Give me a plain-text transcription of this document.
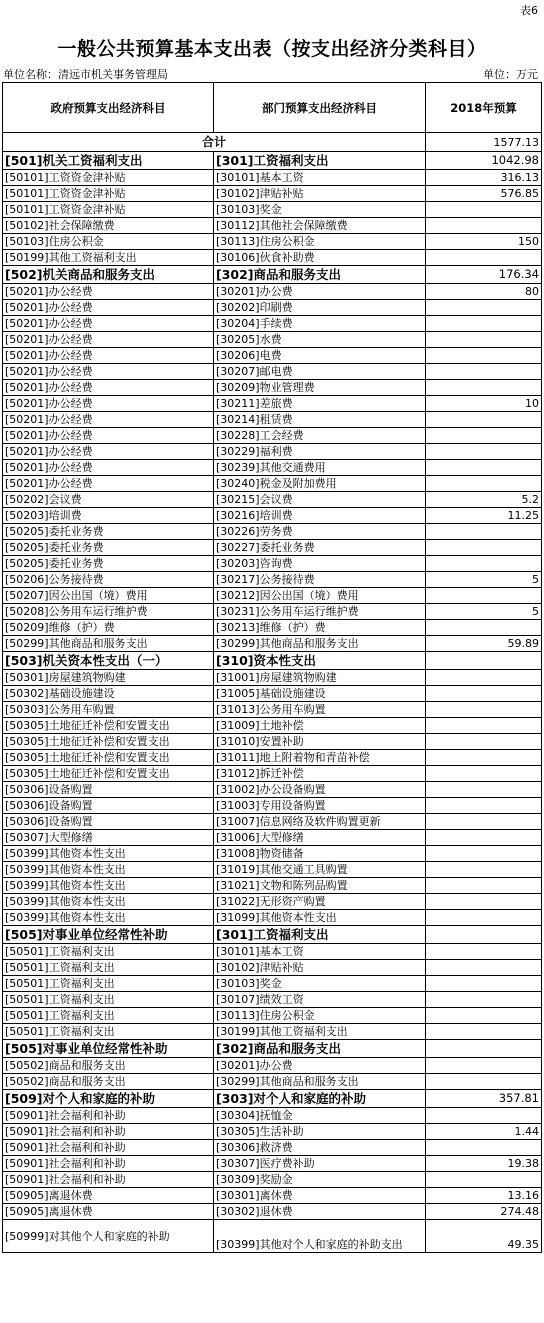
表6
一般公共预算基本支出表（按支出经济分类科目）
单位名称：清远市机关事务管理局	单位：万元
政府预算支出经济科目	部门预算支出经济科目	2018年预算
合计		1577.13
[501]机关工资福利支出	[301]工资福利支出	1042.98
[50101]工资资金津补贴	[30101]基本工资	316.13
[50101]工资资金津补贴	[30102]津贴补贴	576.85
[50101]工资资金津补贴	[30103]奖金	
[50102]社会保障缴费	[30112]其他社会保障缴费	
[50103]住房公积金	[30113]住房公积金	150
[50199]其他工资福利支出	[30106]伙食补助费	
[502]机关商品和服务支出	[302]商品和服务支出	176.34
[50201]办公经费	[30201]办公费	80
[50201]办公经费	[30202]印刷费	
[50201]办公经费	[30204]手续费	
[50201]办公经费	[30205]水费	
[50201]办公经费	[30206]电费	
[50201]办公经费	[30207]邮电费	
[50201]办公经费	[30209]物业管理费	
[50201]办公经费	[30211]差旅费	10
[50201]办公经费	[30214]租赁费	
[50201]办公经费	[30228]工会经费	
[50201]办公经费	[30229]福利费	
[50201]办公经费	[30239]其他交通费用	
[50201]办公经费	[30240]税金及附加费用	
[50202]会议费	[30215]会议费	5.2
[50203]培训费	[30216]培训费	11.25
[50205]委托业务费	[30226]劳务费	
[50205]委托业务费	[30227]委托业务费	
[50205]委托业务费	[30203]咨询费	
[50206]公务接待费	[30217]公务接待费	5
[50207]因公出国（境）费用	[30212]因公出国（境）费用	
[50208]公务用车运行维护费	[30231]公务用车运行维护费	5
[50209]维修（护）费	[30213]维修（护）费	
[50299]其他商品和服务支出	[30299]其他商品和服务支出	59.89
[503]机关资本性支出（一）	[310]资本性支出	
[50301]房屋建筑物购建	[31001]房屋建筑物购建	
[50302]基础设施建设	[31005]基础设施建设	
[50303]公务用车购置	[31013]公务用车购置	
[50305]土地征迁补偿和安置支出	[31009]土地补偿	
[50305]土地征迁补偿和安置支出	[31010]安置补助	
[50305]土地征迁补偿和安置支出	[31011]地上附着物和青苗补偿	
[50305]土地征迁补偿和安置支出	[31012]拆迁补偿	
[50306]设备购置	[31002]办公设备购置	
[50306]设备购置	[31003]专用设备购置	
[50306]设备购置	[31007]信息网络及软件购置更新	
[50307]大型修缮	[31006]大型修缮	
[50399]其他资本性支出	[31008]物资储备	
[50399]其他资本性支出	[31019]其他交通工具购置	
[50399]其他资本性支出	[31021]文物和陈列品购置	
[50399]其他资本性支出	[31022]无形资产购置	
[50399]其他资本性支出	[31099]其他资本性支出	
[505]对事业单位经常性补助	[301]工资福利支出	
[50501]工资福利支出	[30101]基本工资	
[50501]工资福利支出	[30102]津贴补贴	
[50501]工资福利支出	[30103]奖金	
[50501]工资福利支出	[30107]绩效工资	
[50501]工资福利支出	[30113]住房公积金	
[50501]工资福利支出	[30199]其他工资福利支出	
[505]对事业单位经常性补助	[302]商品和服务支出	
[50502]商品和服务支出	[30201]办公费	
[50502]商品和服务支出	[30299]其他商品和服务支出	
[509]对个人和家庭的补助	[303]对个人和家庭的补助	357.81
[50901]社会福利和补助	[30304]抚恤金	
[50901]社会福利和补助	[30305]生活补助	1.44
[50901]社会福利和补助	[30306]救济费	
[50901]社会福利和补助	[30307]医疗费补助	19.38
[50901]社会福利和补助	[30309]奖励金	
[50905]离退休费	[30301]离休费	13.16
[50905]离退休费	[30302]退休费	274.48
[50999]对其他个人和家庭的补助	[30399]其他对个人和家庭的补助支出	49.35
